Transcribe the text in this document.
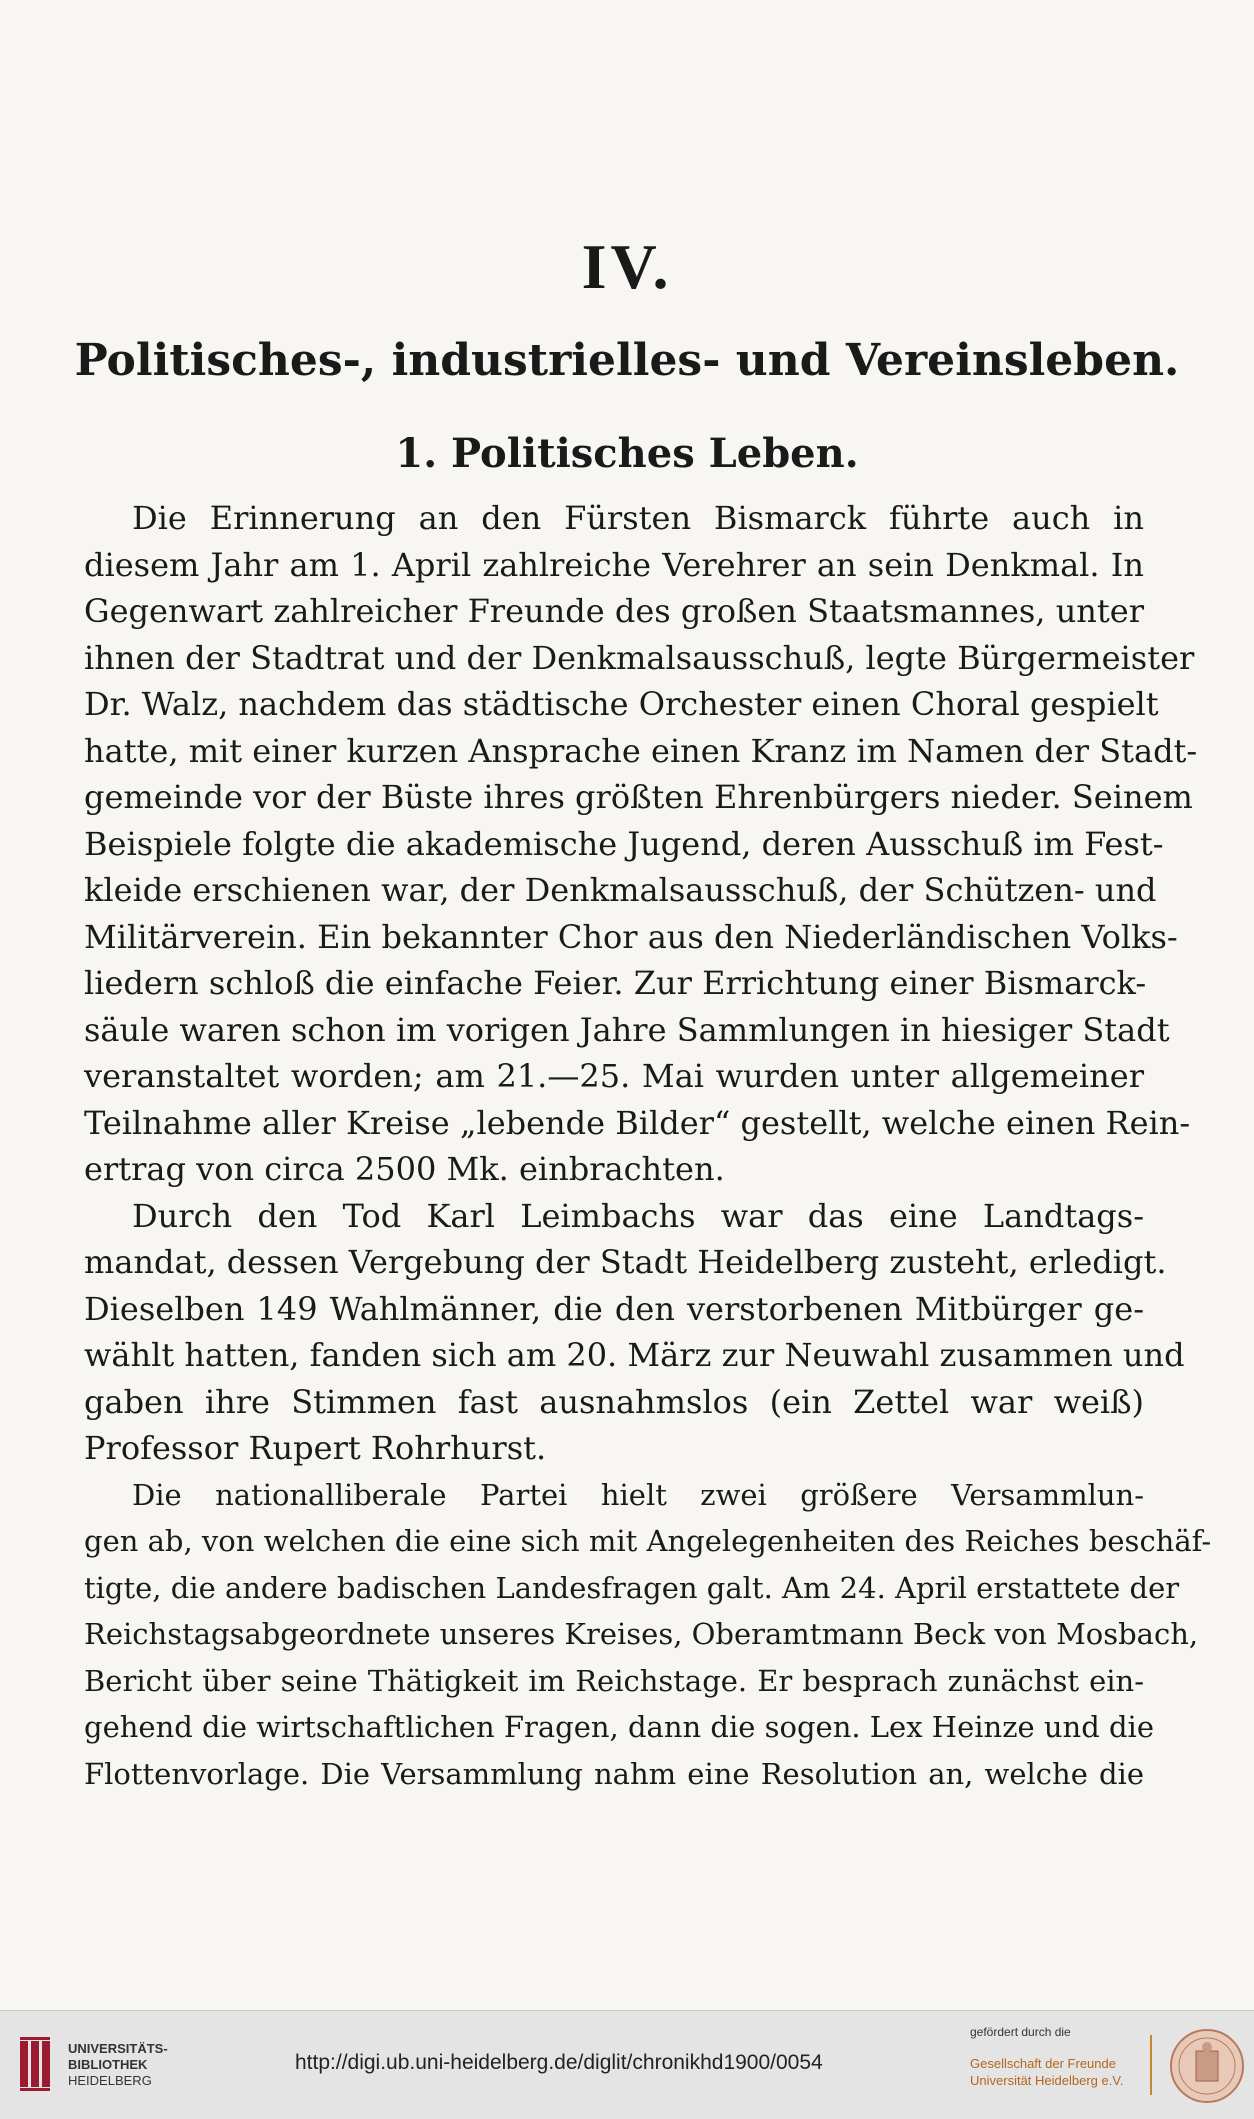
IV.
Politisches-, industrielles- und Vereinsleben.
1. Politisches Leben.

Die Erinnerung an den Fürsten Bismarck führte auch in
diesem Jahr am 1. April zahlreiche Verehrer an sein Denkmal. In
Gegenwart zahlreicher Freunde des großen Staatsmannes, unter
ihnen der Stadtrat und der Denkmalsausschuß, legte Bürgermeister
Dr. Walz, nachdem das städtische Orchester einen Choral gespielt
hatte, mit einer kurzen Ansprache einen Kranz im Namen der Stadt-
gemeinde vor der Büste ihres größten Ehrenbürgers nieder. Seinem
Beispiele folgte die akademische Jugend, deren Ausschuß im Fest-
kleide erschienen war, der Denkmalsausschuß, der Schützen- und
Militärverein. Ein bekannter Chor aus den Niederländischen Volks-
liedern schloß die einfache Feier. Zur Errichtung einer Bismarck-
säule waren schon im vorigen Jahre Sammlungen in hiesiger Stadt
veranstaltet worden; am 21.—25. Mai wurden unter allgemeiner
Teilnahme aller Kreise „lebende Bilder“ gestellt, welche einen Rein-
ertrag von circa 2500 Mk. einbrachten.

Durch den Tod Karl Leimbachs war das eine Landtags-
mandat, dessen Vergebung der Stadt Heidelberg zusteht, erledigt.
Dieselben 149 Wahlmänner, die den verstorbenen Mitbürger ge-
wählt hatten, fanden sich am 20. März zur Neuwahl zusammen und
gaben ihre Stimmen fast ausnahmslos (ein Zettel war weiß)
Professor Rupert Rohrhurst.

Die nationalliberale Partei hielt zwei größere Versammlun-
gen ab, von welchen die eine sich mit Angelegenheiten des Reiches beschäf-
tigte, die andere badischen Landesfragen galt. Am 24. April erstattete der
Reichstagsabgeordnete unseres Kreises, Oberamtmann Beck von Mosbach,
Bericht über seine Thätigkeit im Reichstage. Er besprach zunächst ein-
gehend die wirtschaftlichen Fragen, dann die sogen. Lex Heinze und die
Flottenvorlage. Die Versammlung nahm eine Resolution an, welche die

UNIVERSITÄTS-
BIBLIOTHEK
HEIDELBERG
http://digi.ub.uni-heidelberg.de/diglit/chronikhd1900/0054
gefördert durch die
Gesellschaft der Freunde
Universität Heidelberg e.V.
